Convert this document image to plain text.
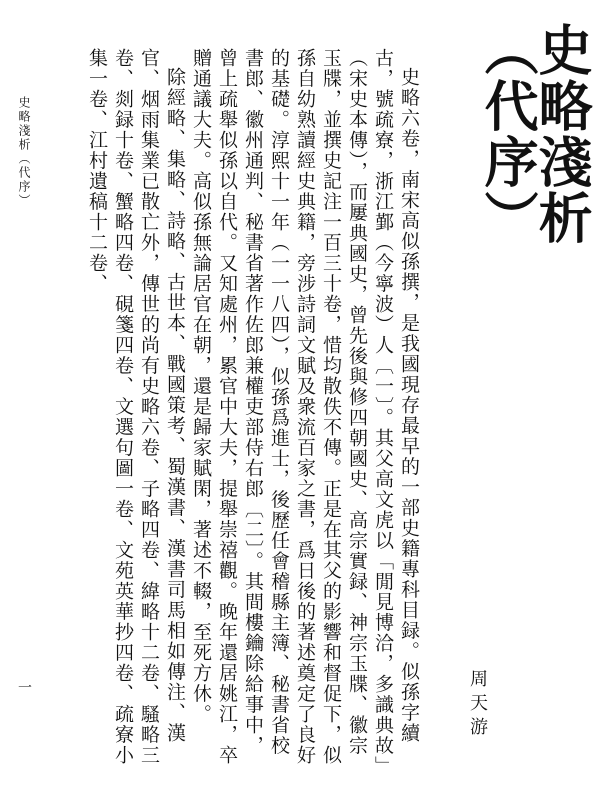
史略淺析（代序）
周天游

史略六卷，南宋高似孫撰，是我國現存最早的一部史籍專科目録。似孫字續古，號疏寮，浙江鄞（今寧波）人〔一〕。其父高文虎以「閒見博洽，多識典故」（宋史本傳），而屢典國史，曾先後與修四朝國史、高宗實録、神宗玉牒、徽宗玉牒，並撰史記注一百三十卷，惜均散佚不傳。正是在其父的影響和督促下，似孫自幼熟讀經史典籍，旁涉詩詞文賦及衆流百家之書，爲日後的著述奠定了良好的基礎。淳熙十一年（一一八四），似孫爲進士，後歷任會稽縣主簿、秘書省校書郎、徽州通判、秘書省著作佐郎兼權吏部侍右郎〔二〕。其間樓鑰除給事中，曾上疏舉似孫以自代。又知處州，累官中大夫，提舉崇禧觀。晚年還居姚江，卒贈通議大夫。高似孫無論居官在朝，還是歸家賦閑，著述不輟，至死方休。

除經略、集略、詩略、古世本、戰國策考、蜀漢書、漢書司馬相如傳注、漢官、烟雨集業已散亡外，傳世的尚有史略六卷、子略四卷、緯略十二卷、騷略三卷、剡録十卷、蟹略四卷、硯箋四卷、文選句圖一卷、文苑英華抄四卷、疏寮小集一卷、江村遺稿十二卷、

史略淺析（代序）
一
